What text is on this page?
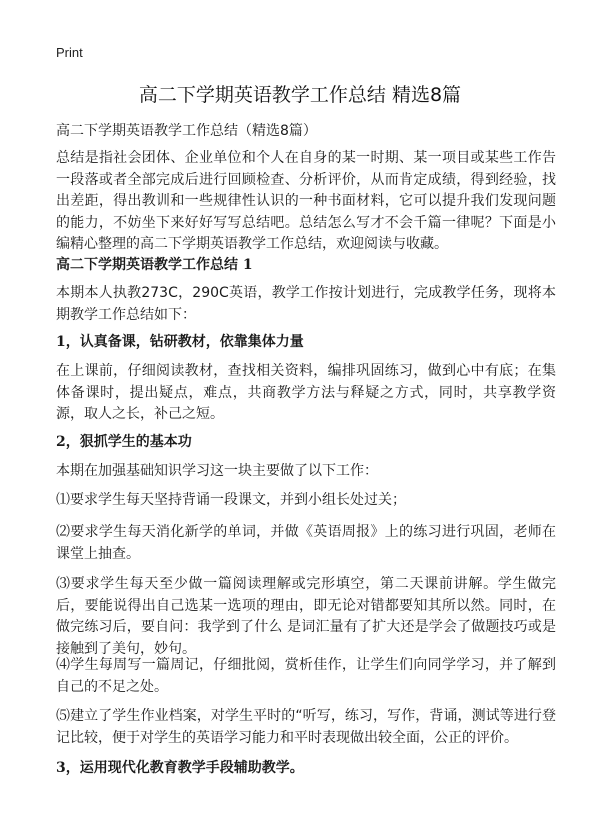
Print
高二下学期英语教学工作总结 精选8篇
高二下学期英语教学工作总结（精选8篇）
总结是指社会团体、企业单位和个人在自身的某一时期、某一项目或某些工作告一段落或者全部完成后进行回顾检查、分析评价，从而肯定成绩，得到经验，找出差距，得出教训和一些规律性认识的一种书面材料，它可以提升我们发现问题的能力，不妨坐下来好好写写总结吧。总结怎么写才不会千篇一律呢？下面是小编精心整理的高二下学期英语教学工作总结，欢迎阅读与收藏。
高二下学期英语教学工作总结 1
本期本人执教273C，290C英语，教学工作按计划进行，完成教学任务，现将本期教学工作总结如下：
1，认真备课，钻研教材，依靠集体力量
在上课前，仔细阅读教材，查找相关资料，编排巩固练习，做到心中有底；在集体备课时，提出疑点，难点，共商教学方法与释疑之方式，同时，共享教学资源，取人之长，补己之短。
2，狠抓学生的基本功
本期在加强基础知识学习这一块主要做了以下工作：
⑴要求学生每天坚持背诵一段课文，并到小组长处过关；
⑵要求学生每天消化新学的单词，并做《英语周报》上的练习进行巩固，老师在课堂上抽查。
⑶要求学生每天至少做一篇阅读理解或完形填空，第二天课前讲解。学生做完后，要能说得出自己选某一选项的理由，即无论对错都要知其所以然。同时，在做完练习后，要自问：我学到了什么 是词汇量有了扩大还是学会了做题技巧或是接触到了美句，妙句。
⑷学生每周写一篇周记，仔细批阅，赏析佳作，让学生们向同学学习，并了解到自己的不足之处。
⑸建立了学生作业档案，对学生平时的“听写，练习，写作，背诵，测试等进行登记比较，便于对学生的英语学习能力和平时表现做出较全面，公正的评价。
3，运用现代化教育教学手段辅助教学。
